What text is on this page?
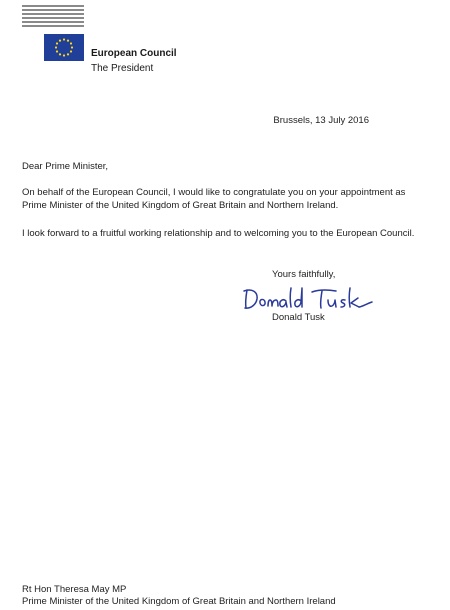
European Council
The President
Brussels, 13 July 2016
Dear Prime Minister,
On behalf of the European Council, I would like to congratulate you on your appointment as Prime Minister of the United Kingdom of Great Britain and Northern Ireland.
I look forward to a fruitful working relationship and to welcoming you to the European Council.
Yours faithfully,
Donald Tusk
Rt Hon Theresa May MP
Prime Minister of the United Kingdom of Great Britain and Northern Ireland
